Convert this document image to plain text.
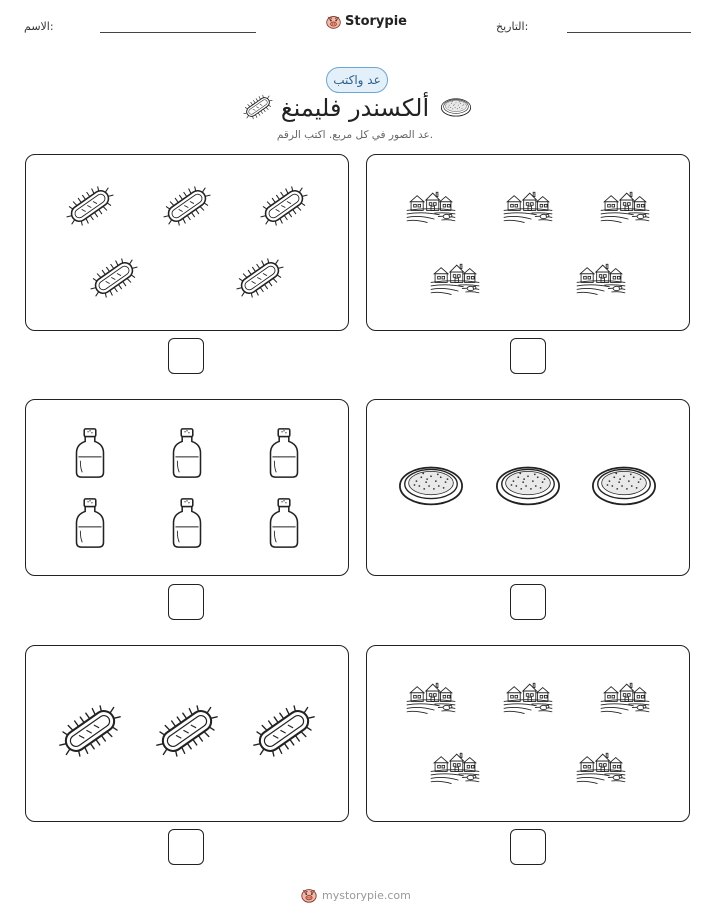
الاسم:	Storypie	التاريخ:
عد واكتب
ألكسندر فليمنغ
عد الصور في كل مربع. اكتب الرقم.
mystorypie.com
